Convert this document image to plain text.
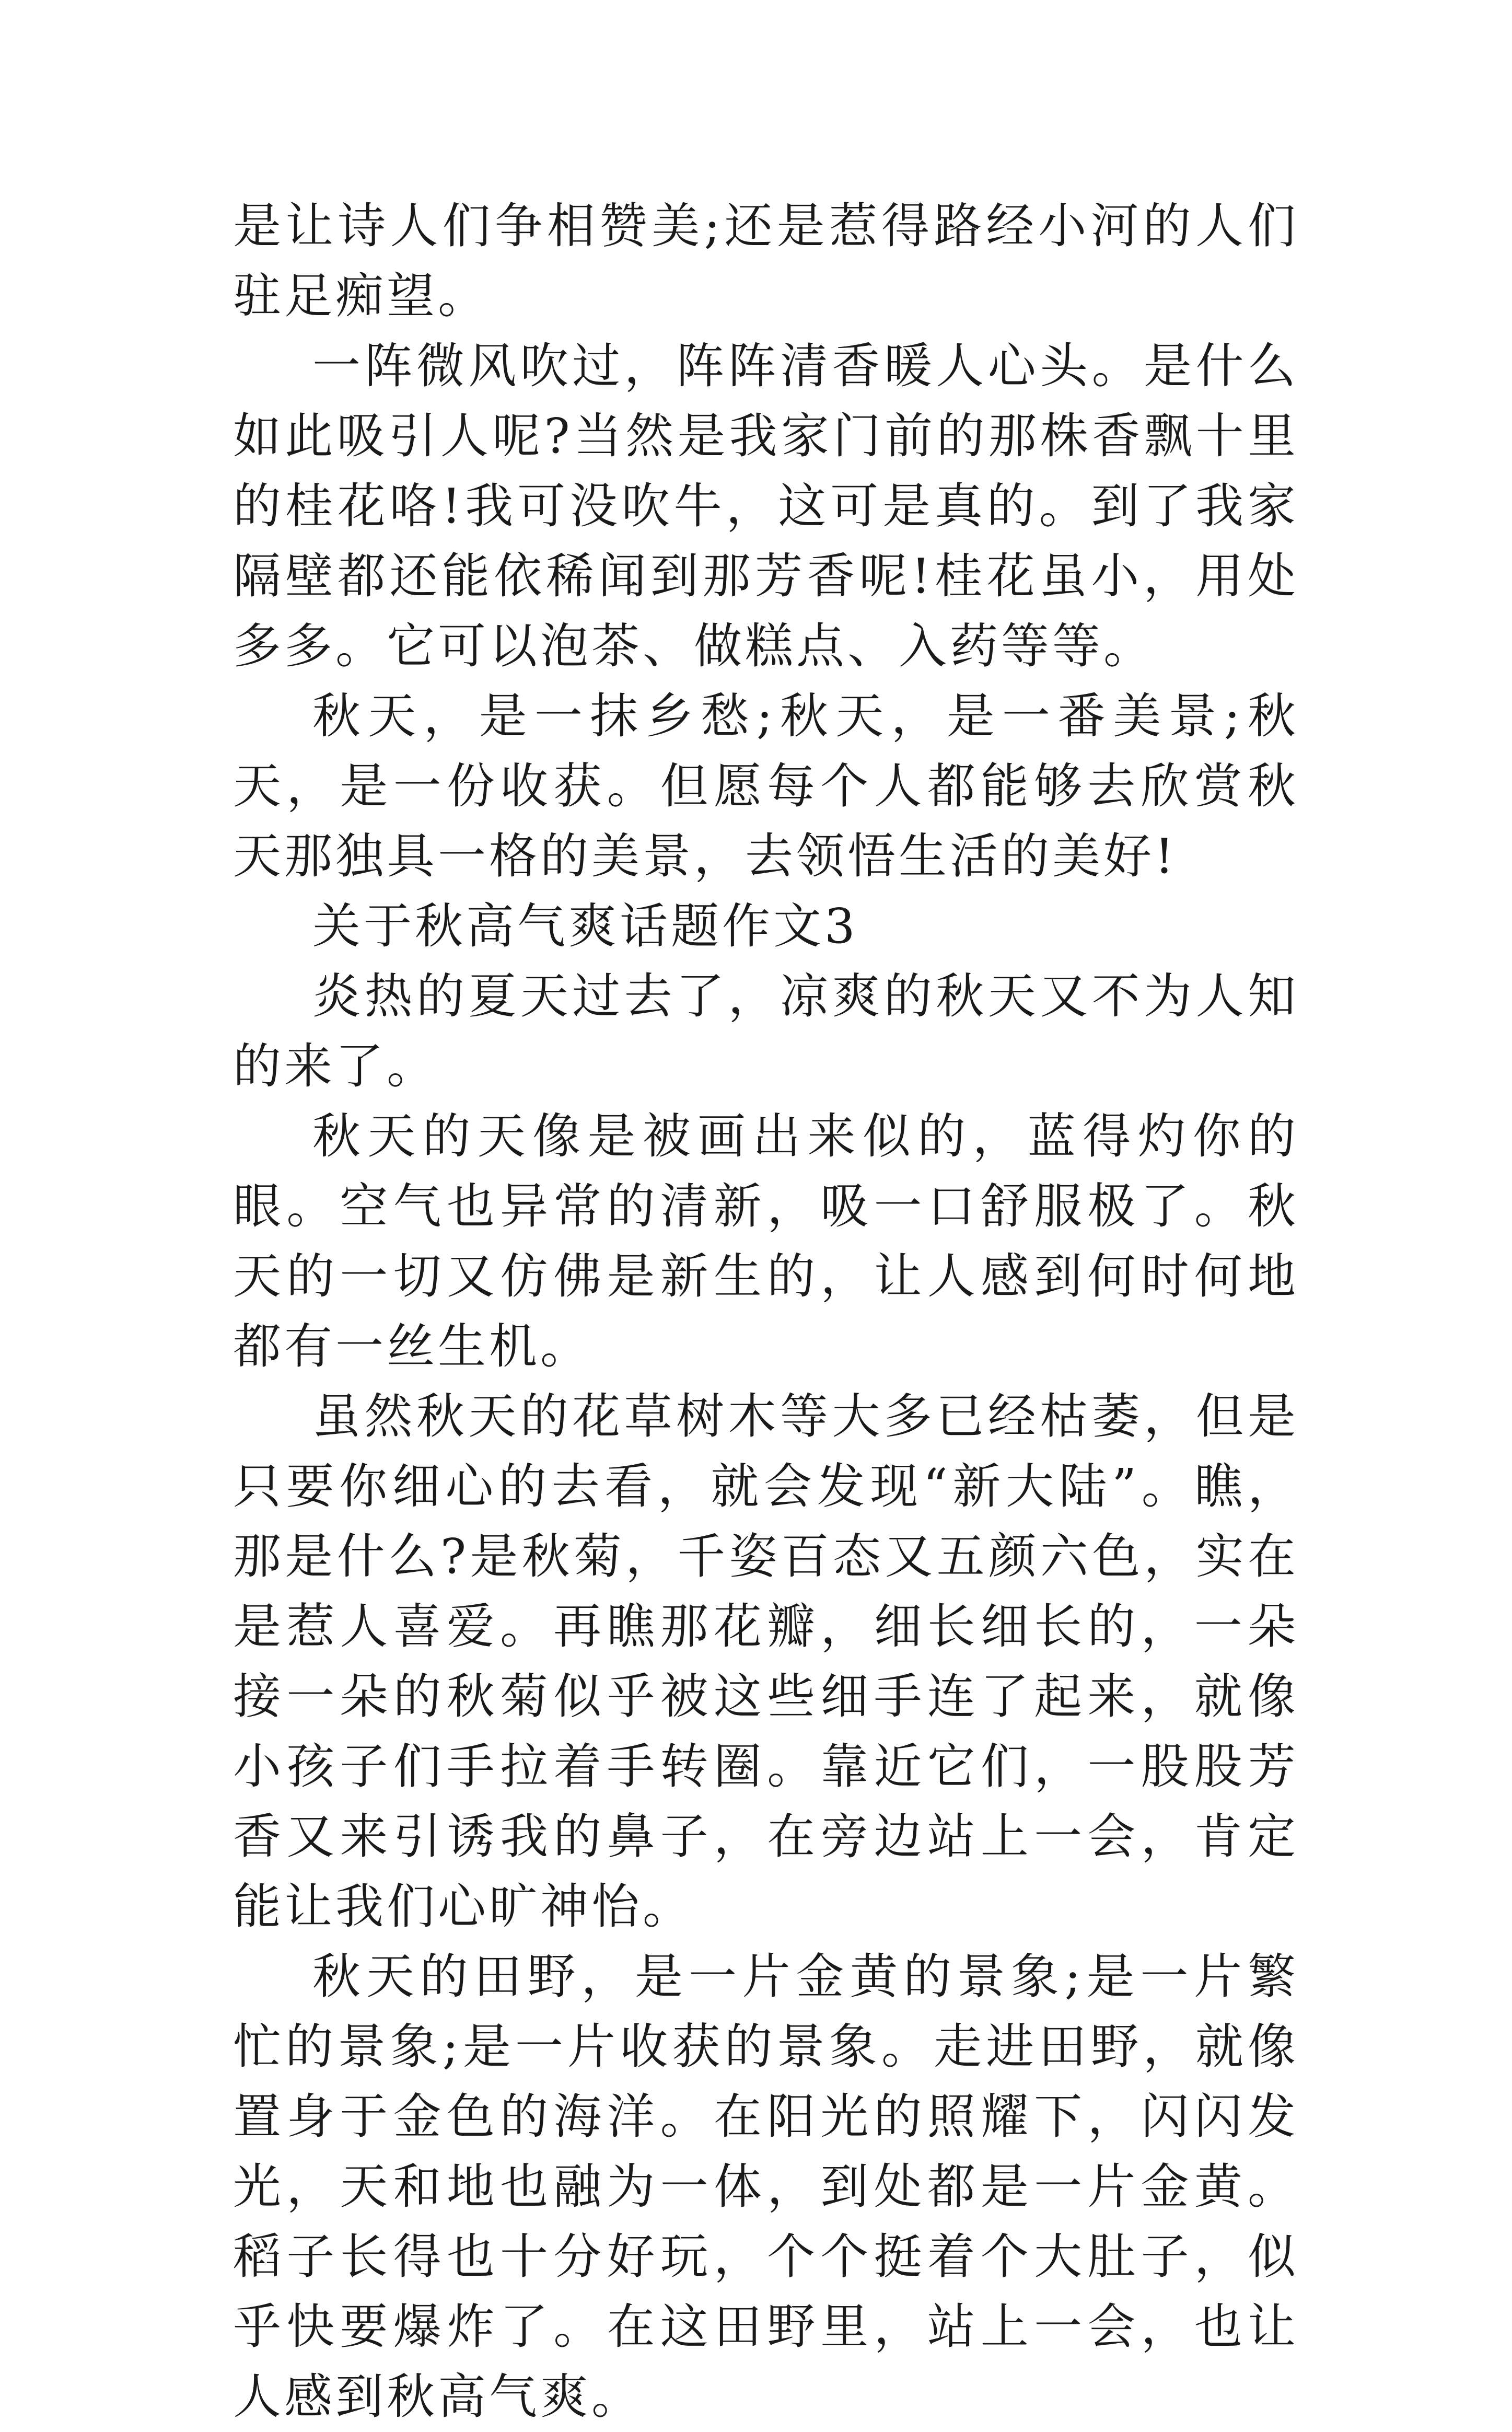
是让诗人们争相赞美;还是惹得路经小河的人们驻足痴望。

一阵微风吹过，阵阵清香暖人心头。是什么如此吸引人呢?当然是我家门前的那株香飘十里的桂花咯!我可没吹牛，这可是真的。到了我家隔壁都还能依稀闻到那芳香呢!桂花虽小，用处多多。它可以泡茶、做糕点、入药等等。

秋天，是一抹乡愁;秋天，是一番美景;秋天，是一份收获。但愿每个人都能够去欣赏秋天那独具一格的美景，去领悟生活的美好!

关于秋高气爽话题作文3

炎热的夏天过去了，凉爽的秋天又不为人知的来了。

秋天的天像是被画出来似的，蓝得灼你的眼。空气也异常的清新，吸一口舒服极了。秋天的一切又仿佛是新生的，让人感到何时何地都有一丝生机。

虽然秋天的花草树木等大多已经枯萎，但是只要你细心的去看，就会发现“新大陆”。瞧，那是什么?是秋菊，千姿百态又五颜六色，实在是惹人喜爱。再瞧那花瓣，细长细长的，一朵接一朵的秋菊似乎被这些细手连了起来，就像小孩子们手拉着手转圈。靠近它们，一股股芳香又来引诱我的鼻子，在旁边站上一会，肯定能让我们心旷神怡。

秋天的田野，是一片金黄的景象;是一片繁忙的景象;是一片收获的景象。走进田野，就像置身于金色的海洋。在阳光的照耀下，闪闪发光，天和地也融为一体，到处都是一片金黄。稻子长得也十分好玩，个个挺着个大肚子，似乎快要爆炸了。在这田野里，站上一会，也让人感到秋高气爽。
